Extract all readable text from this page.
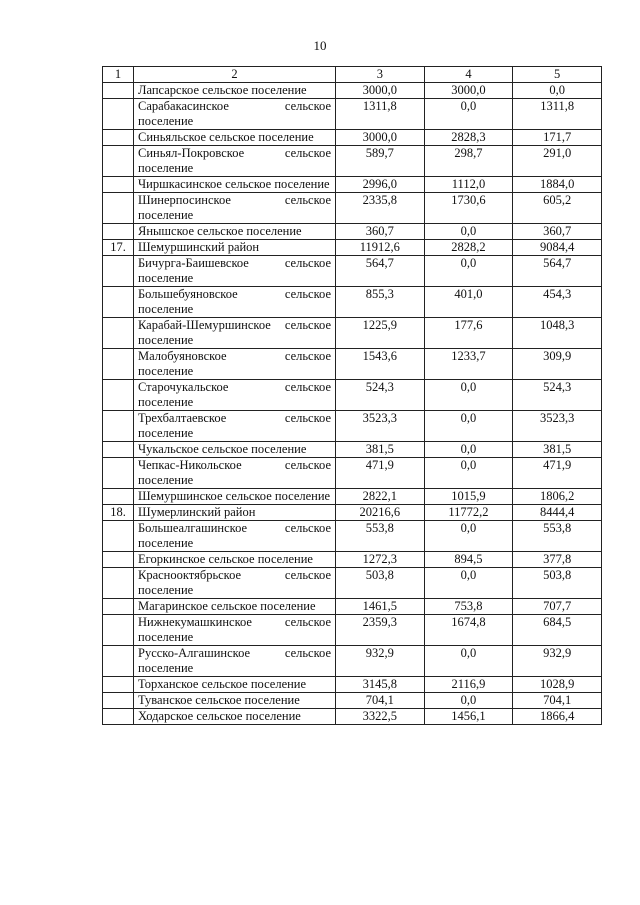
10
1	2	3	4	5
	Лапсарское сельское поселение	3000,0	3000,0	0,0
	Сарабакасинское сельское поселение	1311,8	0,0	1311,8
	Синьяльское сельское поселение	3000,0	2828,3	171,7
	Синьял-Покровское сельское поселение	589,7	298,7	291,0
	Чиршкасинское сельское поселение	2996,0	1112,0	1884,0
	Шинерпосинское сельское поселение	2335,8	1730,6	605,2
	Янышское сельское поселение	360,7	0,0	360,7
17.	Шемуршинский район	11912,6	2828,2	9084,4
	Бичурга-Баишевское сельское поселение	564,7	0,0	564,7
	Большебуяновское сельское поселение	855,3	401,0	454,3
	Карабай-Шемуршинское сельское поселение	1225,9	177,6	1048,3
	Малобуяновское сельское поселение	1543,6	1233,7	309,9
	Старочукальское сельское поселение	524,3	0,0	524,3
	Трехбалтаевское сельское поселение	3523,3	0,0	3523,3
	Чукальское сельское поселение	381,5	0,0	381,5
	Чепкас-Никольское сельское поселение	471,9	0,0	471,9
	Шемуршинское сельское поселение	2822,1	1015,9	1806,2
18.	Шумерлинский район	20216,6	11772,2	8444,4
	Большеалгашинское сельское поселение	553,8	0,0	553,8
	Егоркинское сельское поселение	1272,3	894,5	377,8
	Краснооктябрьское сельское поселение	503,8	0,0	503,8
	Магаринское сельское поселение	1461,5	753,8	707,7
	Нижнекумашкинское сельское поселение	2359,3	1674,8	684,5
	Русско-Алгашинское сельское поселение	932,9	0,0	932,9
	Торханское сельское поселение	3145,8	2116,9	1028,9
	Туванское сельское поселение	704,1	0,0	704,1
	Ходарское сельское поселение	3322,5	1456,1	1866,4
